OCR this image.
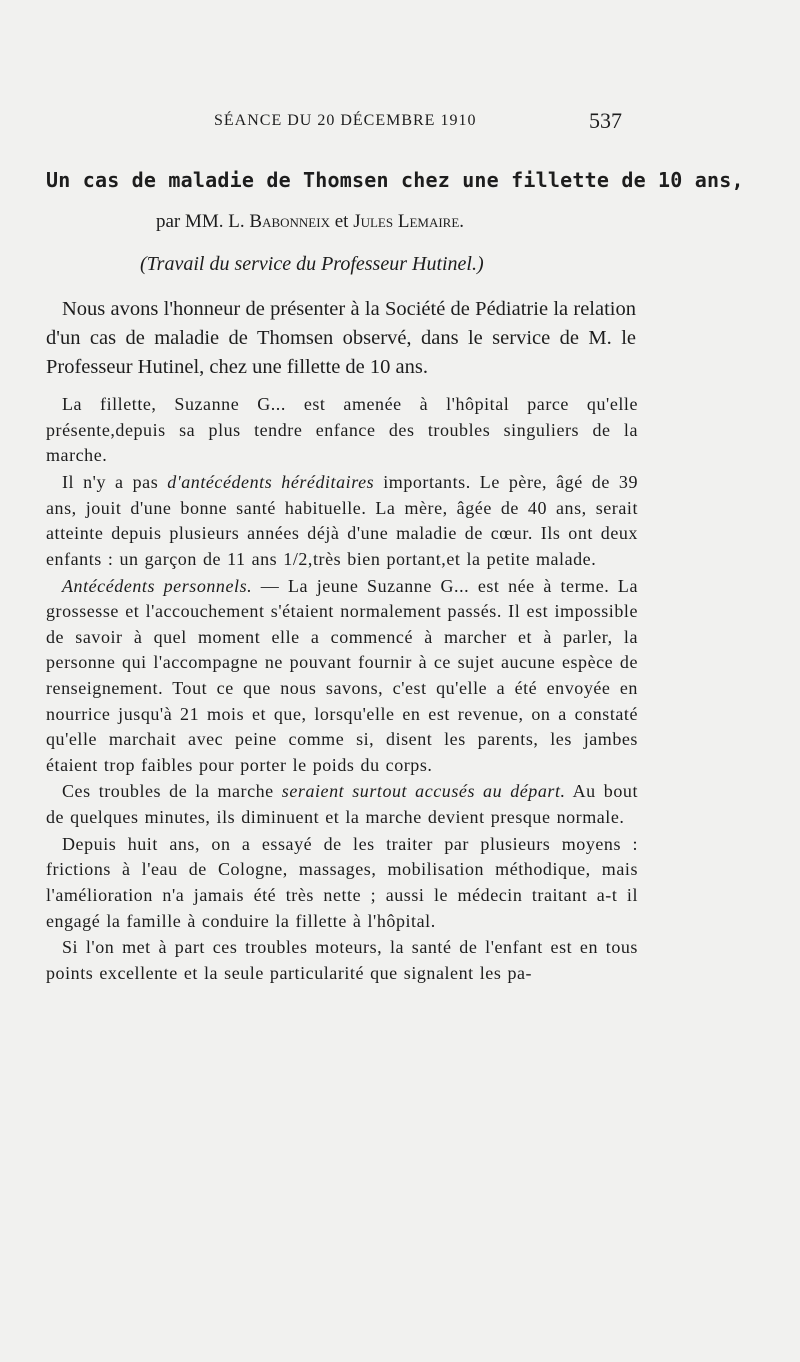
SÉANCE DU 20 DÉCEMBRE 1910	537
Un cas de maladie de Thomsen chez une fillette de 10 ans,
par MM. L. Babonneix et Jules Lemaire.
(Travail du service du Professeur Hutinel.)

Nous avons l'honneur de présenter à la Société de Pédiatrie la relation d'un cas de maladie de Thomsen observé, dans le service de M. le Professeur Hutinel, chez une fillette de 10 ans.

La fillette, Suzanne G... est amenée à l'hôpital parce qu'elle présente,depuis sa plus tendre enfance des troubles singuliers de la marche.

Il n'y a pas d'antécédents héréditaires importants. Le père, âgé de 39 ans, jouit d'une bonne santé habituelle. La mère, âgée de 40 ans, serait atteinte depuis plusieurs années déjà d'une maladie de cœur. Ils ont deux enfants : un garçon de 11 ans 1/2,très bien portant,et la petite malade.

Antécédents personnels. — La jeune Suzanne G... est née à terme. La grossesse et l'accouchement s'étaient normalement passés. Il est impossible de savoir à quel moment elle a commencé à marcher et à parler, la personne qui l'accompagne ne pouvant fournir à ce sujet aucune espèce de renseignement. Tout ce que nous savons, c'est qu'elle a été envoyée en nourrice jusqu'à 21 mois et que, lorsqu'elle en est revenue, on a constaté qu'elle marchait avec peine comme si, disent les parents, les jambes étaient trop faibles pour porter le poids du corps.

Ces troubles de la marche seraient surtout accusés au départ. Au bout de quelques minutes, ils diminuent et la marche devient presque normale.

Depuis huit ans, on a essayé de les traiter par plusieurs moyens : frictions à l'eau de Cologne, massages, mobilisation méthodique, mais l'amélioration n'a jamais été très nette ; aussi le médecin traitant a-t il engagé la famille à conduire la fillette à l'hôpital.

Si l'on met à part ces troubles moteurs, la santé de l'enfant est en tous points excellente et la seule particularité que signalent les pa-
